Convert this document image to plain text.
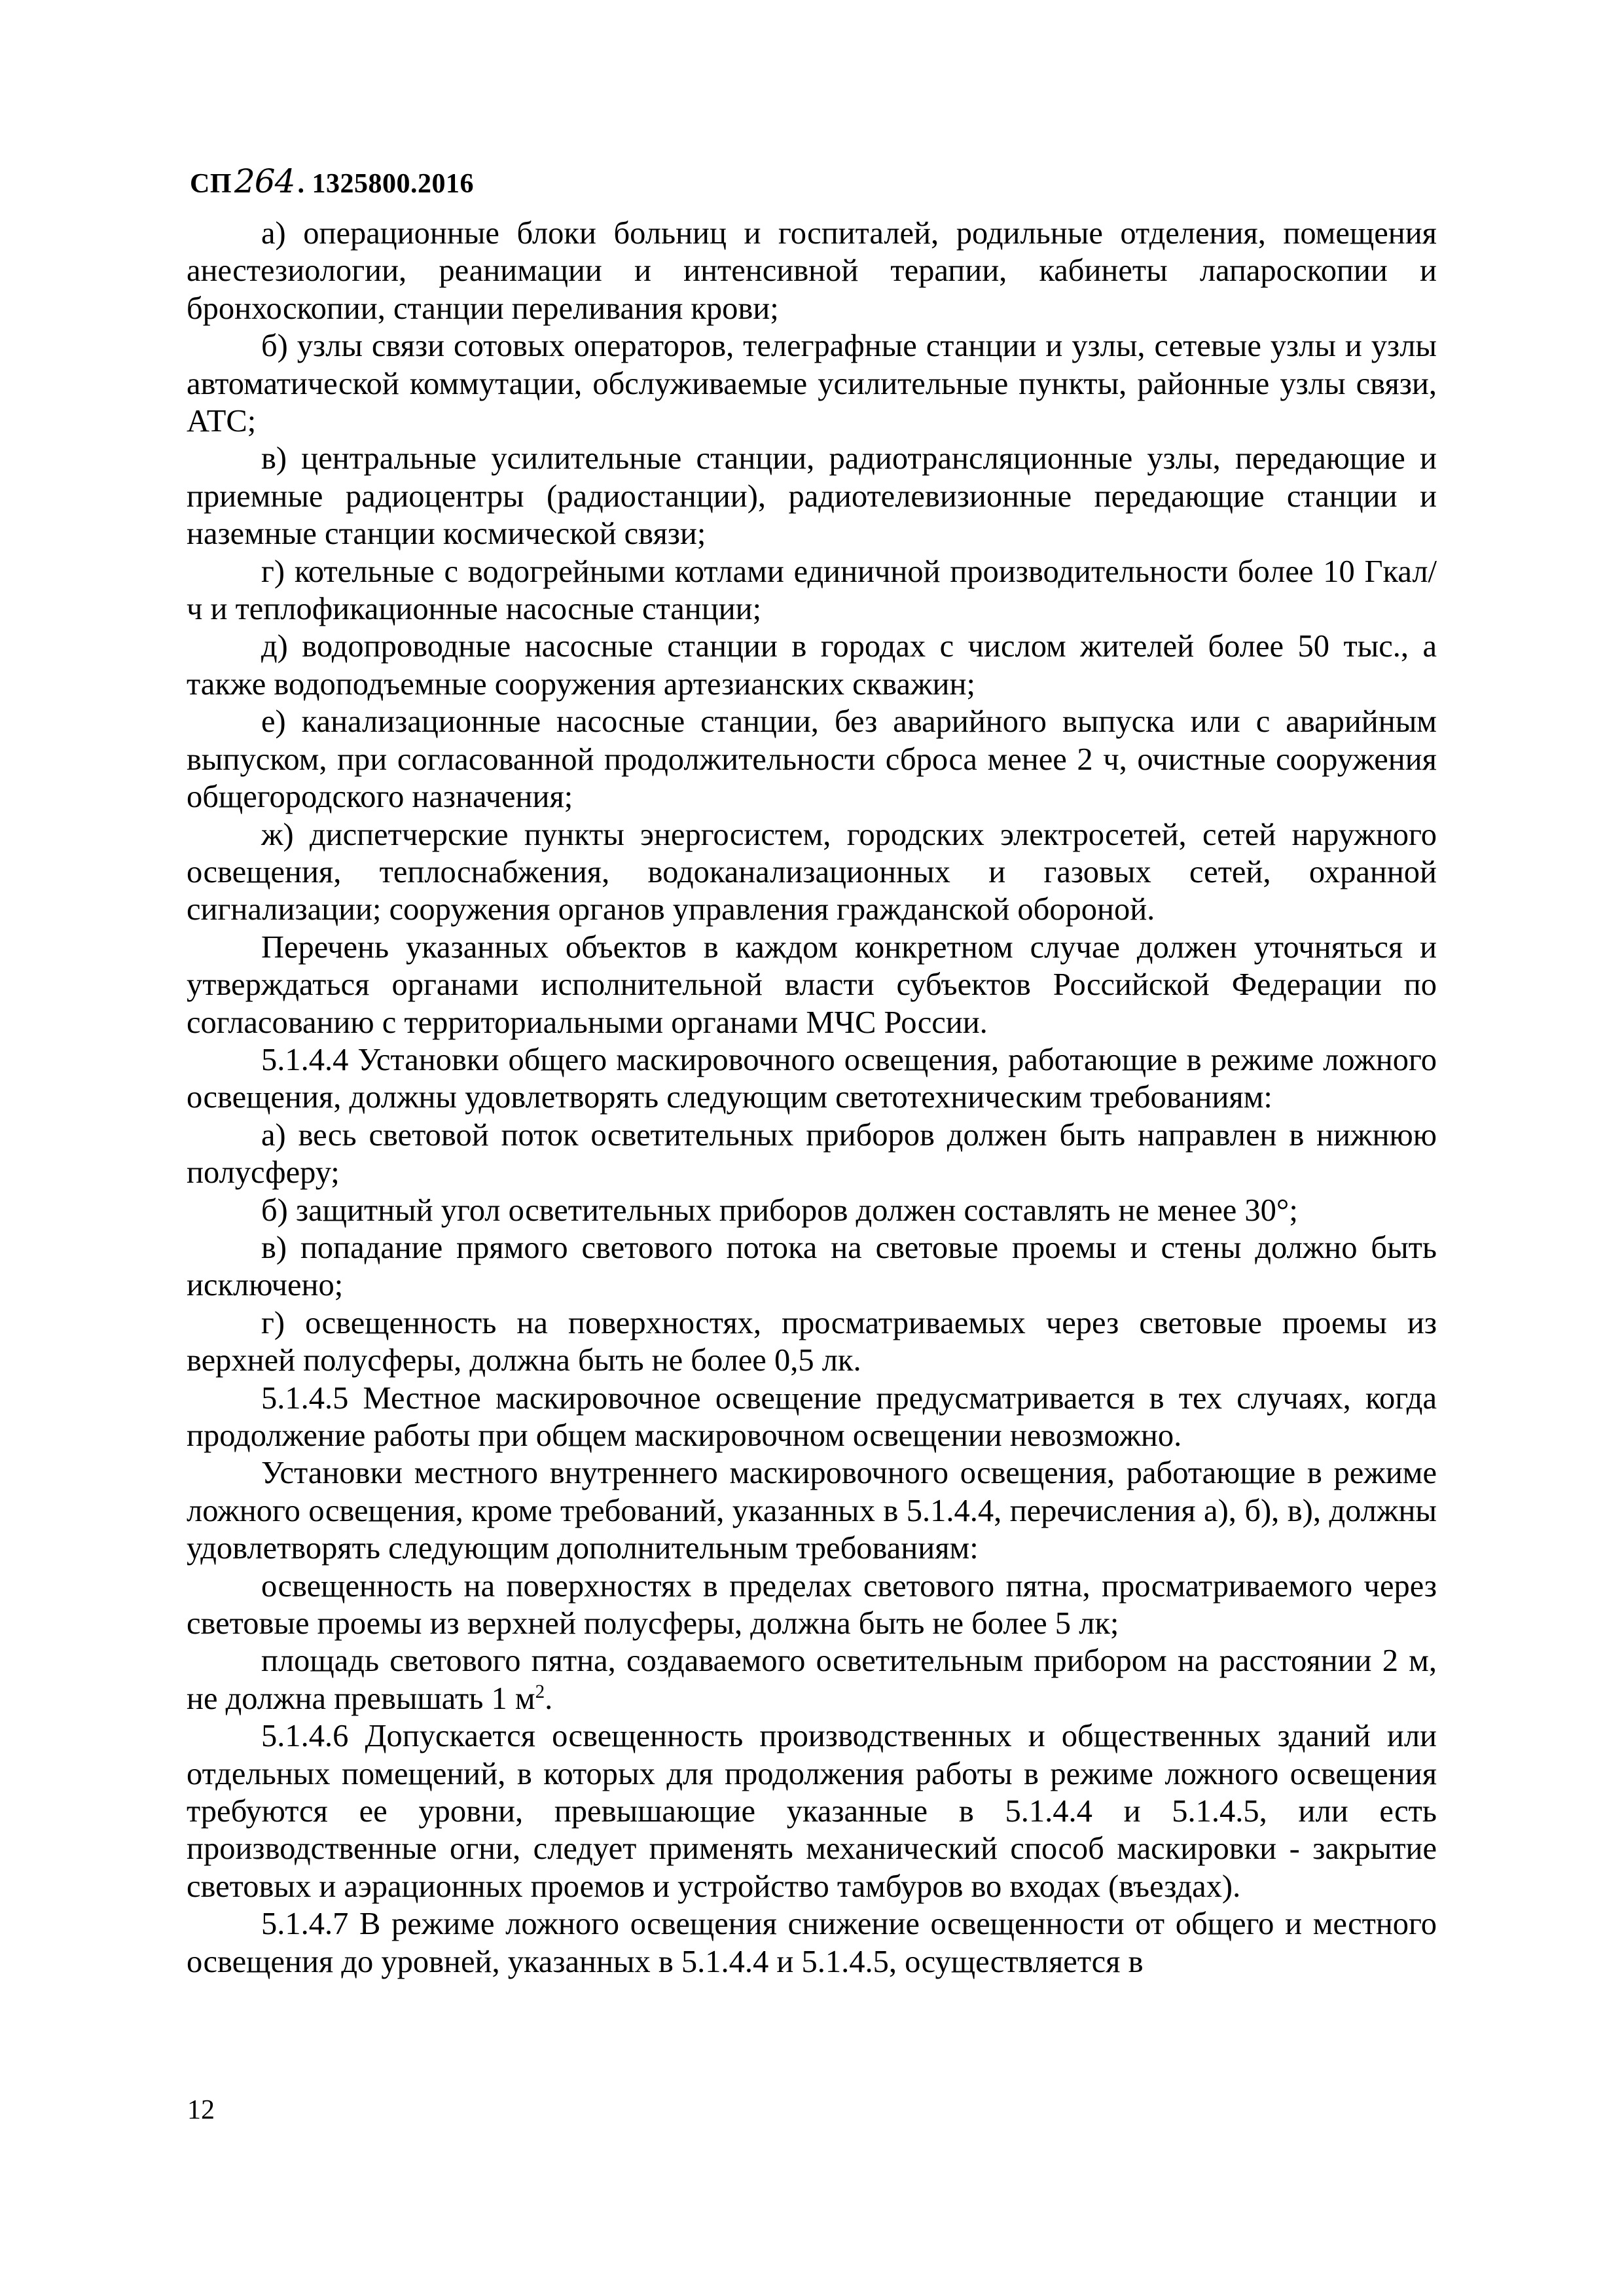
СП264. 1325800.2016

а) операционные блоки больниц и госпиталей, родильные отделения, помещения анестезиологии, реанимации и интенсивной терапии, кабинеты лапароскопии и бронхоскопии, станции переливания крови;

б) узлы связи сотовых операторов, телеграфные станции и узлы, сетевые узлы и узлы автоматической коммутации, обслуживаемые усилительные пункты, районные узлы связи, АТС;

в) центральные усилительные станции, радиотрансляционные узлы, передающие и приемные радиоцентры (радиостанции), радиотелевизионные передающие станции и наземные станции космической связи;

г) котельные с водогрейными котлами единичной производительности более 10 Гкал/ч и теплофикационные насосные станции;

д) водопроводные насосные станции в городах с числом жителей более 50 тыс., а также водоподъемные сооружения артезианских скважин;

е) канализационные насосные станции, без аварийного выпуска или с аварийным выпуском, при согласованной продолжительности сброса менее 2 ч, очистные сооружения общегородского назначения;

ж) диспетчерские пункты энергосистем, городских электросетей, сетей наружного освещения, теплоснабжения, водоканализационных и газовых сетей, охранной сигнализации; сооружения органов управления гражданской обороной.

Перечень указанных объектов в каждом конкретном случае должен уточняться и утверждаться органами исполнительной власти субъектов Российской Федерации по согласованию с территориальными органами МЧС России.

5.1.4.4 Установки общего маскировочного освещения, работающие в режиме ложного освещения, должны удовлетворять следующим светотехническим требованиям:

а) весь световой поток осветительных приборов должен быть направлен в нижнюю полусферу;

б) защитный угол осветительных приборов должен составлять не менее 30°;

в) попадание прямого светового потока на световые проемы и стены должно быть исключено;

г) освещенность на поверхностях, просматриваемых через световые проемы из верхней полусферы, должна быть не более 0,5 лк.

5.1.4.5 Местное маскировочное освещение предусматривается в тех случаях, когда продолжение работы при общем маскировочном освещении невозможно.

Установки местного внутреннего маскировочного освещения, работающие в режиме ложного освещения, кроме требований, указанных в 5.1.4.4, перечисления а), б), в), должны удовлетворять следующим дополнительным требованиям:

освещенность на поверхностях в пределах светового пятна, просматриваемого через световые проемы из верхней полусферы, должна быть не более 5 лк;

площадь светового пятна, создаваемого осветительным прибором на расстоянии 2 м, не должна превышать 1 $м^2$.

5.1.4.6 Допускается освещенность производственных и общественных зданий или отдельных помещений, в которых для продолжения работы в режиме ложного освещения требуются ее уровни, превышающие указанные в 5.1.4.4 и 5.1.4.5, или есть производственные огни, следует применять механический способ маскировки - закрытие световых и аэрационных проемов и устройство тамбуров во входах (въездах).

5.1.4.7 В режиме ложного освещения снижение освещенности от общего и местного освещения до уровней, указанных в 5.1.4.4 и 5.1.4.5, осуществляется в

12
